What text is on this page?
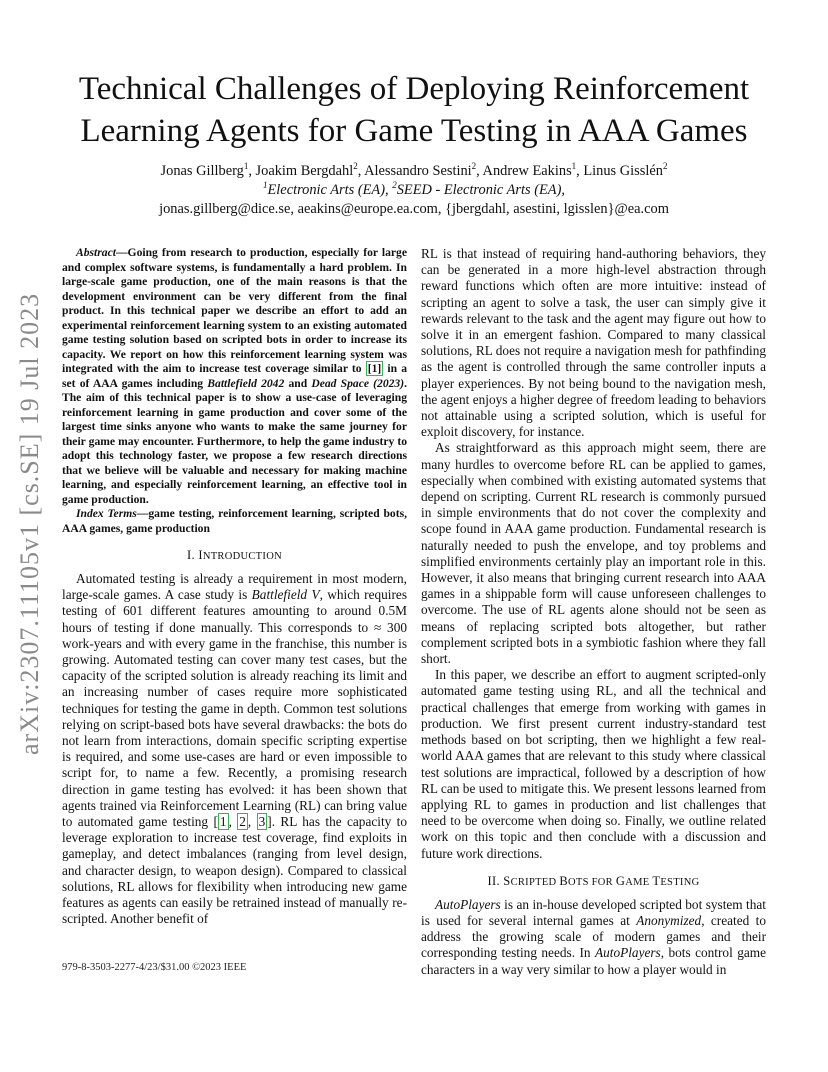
arXiv:2307.11105v1 [cs.SE] 19 Jul 2023
Technical Challenges of Deploying Reinforcement
Learning Agents for Game Testing in AAA Games
Jonas Gillberg$^1$, Joakim Bergdahl$^2$, Alessandro Sestini$^2$, Andrew Eakins$^1$, Linus Gisslén$^2$
$^1$Electronic Arts (EA), $^2$SEED - Electronic Arts (EA),
jonas.gillberg@dice.se, aeakins@europe.ea.com, {jbergdahl, asestini, lgisslen}@ea.com

Abstract—Going from research to production, especially for large and complex software systems, is fundamentally a hard problem. In large-scale game production, one of the main reasons is that the development environment can be very different from the final product. In this technical paper we describe an effort to add an experimental reinforcement learning system to an existing automated game testing solution based on scripted bots in order to increase its capacity. We report on how this reinforcement learning system was integrated with the aim to increase test coverage similar to [1] in a set of AAA games including Battlefield 2042 and Dead Space (2023). The aim of this technical paper is to show a use-case of leveraging reinforcement learning in game production and cover some of the largest time sinks anyone who wants to make the same journey for their game may encounter. Furthermore, to help the game industry to adopt this technology faster, we propose a few research directions that we believe will be valuable and necessary for making machine learning, and especially reinforcement learning, an effective tool in game production.

Index Terms—game testing, reinforcement learning, scripted bots, AAA games, game production

I. INTRODUCTION

Automated testing is already a requirement in most modern, large-scale games. A case study is Battlefield V, which requires testing of 601 different features amounting to around 0.5M hours of testing if done manually. This corresponds to ≈ 300 work-years and with every game in the franchise, this number is growing. Automated testing can cover many test cases, but the capacity of the scripted solution is already reaching its limit and an increasing number of cases require more sophisticated techniques for testing the game in depth. Common test solutions relying on script-based bots have several drawbacks: the bots do not learn from interactions, domain specific scripting expertise is required, and some use-cases are hard or even impossible to script for, to name a few. Recently, a promising research direction in game testing has evolved: it has been shown that agents trained via Reinforcement Learning (RL) can bring value to automated game testing [ 1 , 2 , 3 ]. RL has the capacity to leverage exploration to increase test coverage, find exploits in gameplay, and detect imbalances (ranging from level design, and character design, to weapon design). Compared to classical solutions, RL allows for flexibility when introducing new game features as agents can easily be retrained instead of manually re-scripted. Another benefit of

RL is that instead of requiring hand-authoring behaviors, they can be generated in a more high-level abstraction through reward functions which often are more intuitive: instead of scripting an agent to solve a task, the user can simply give it rewards relevant to the task and the agent may figure out how to solve it in an emergent fashion. Compared to many classical solutions, RL does not require a navigation mesh for pathfinding as the agent is controlled through the same controller inputs a player experiences. By not being bound to the navigation mesh, the agent enjoys a higher degree of freedom leading to behaviors not attainable using a scripted solution, which is useful for exploit discovery, for instance.

As straightforward as this approach might seem, there are many hurdles to overcome before RL can be applied to games, especially when combined with existing automated systems that depend on scripting. Current RL research is commonly pursued in simple environments that do not cover the complexity and scope found in AAA game production. Fundamental research is naturally needed to push the envelope, and toy problems and simplified environments certainly play an important role in this. However, it also means that bringing current research into AAA games in a shippable form will cause unforeseen challenges to overcome. The use of RL agents alone should not be seen as means of replacing scripted bots altogether, but rather complement scripted bots in a symbiotic fashion where they fall short.

In this paper, we describe an effort to augment scripted-only automated game testing using RL, and all the technical and practical challenges that emerge from working with games in production. We first present current industry-standard test methods based on bot scripting, then we highlight a few real-world AAA games that are relevant to this study where classical test solutions are impractical, followed by a description of how RL can be used to mitigate this. We present lessons learned from applying RL to games in production and list challenges that need to be overcome when doing so. Finally, we outline related work on this topic and then conclude with a discussion and future work directions.

II. SCRIPTED BOTS FOR GAME TESTING

AutoPlayers is an in-house developed scripted bot system that is used for several internal games at Anonymized, created to address the growing scale of modern games and their corresponding testing needs. In AutoPlayers, bots control game characters in a way very similar to how a player would in

979-8-3503-2277-4/23/$31.00 ©2023 IEEE
